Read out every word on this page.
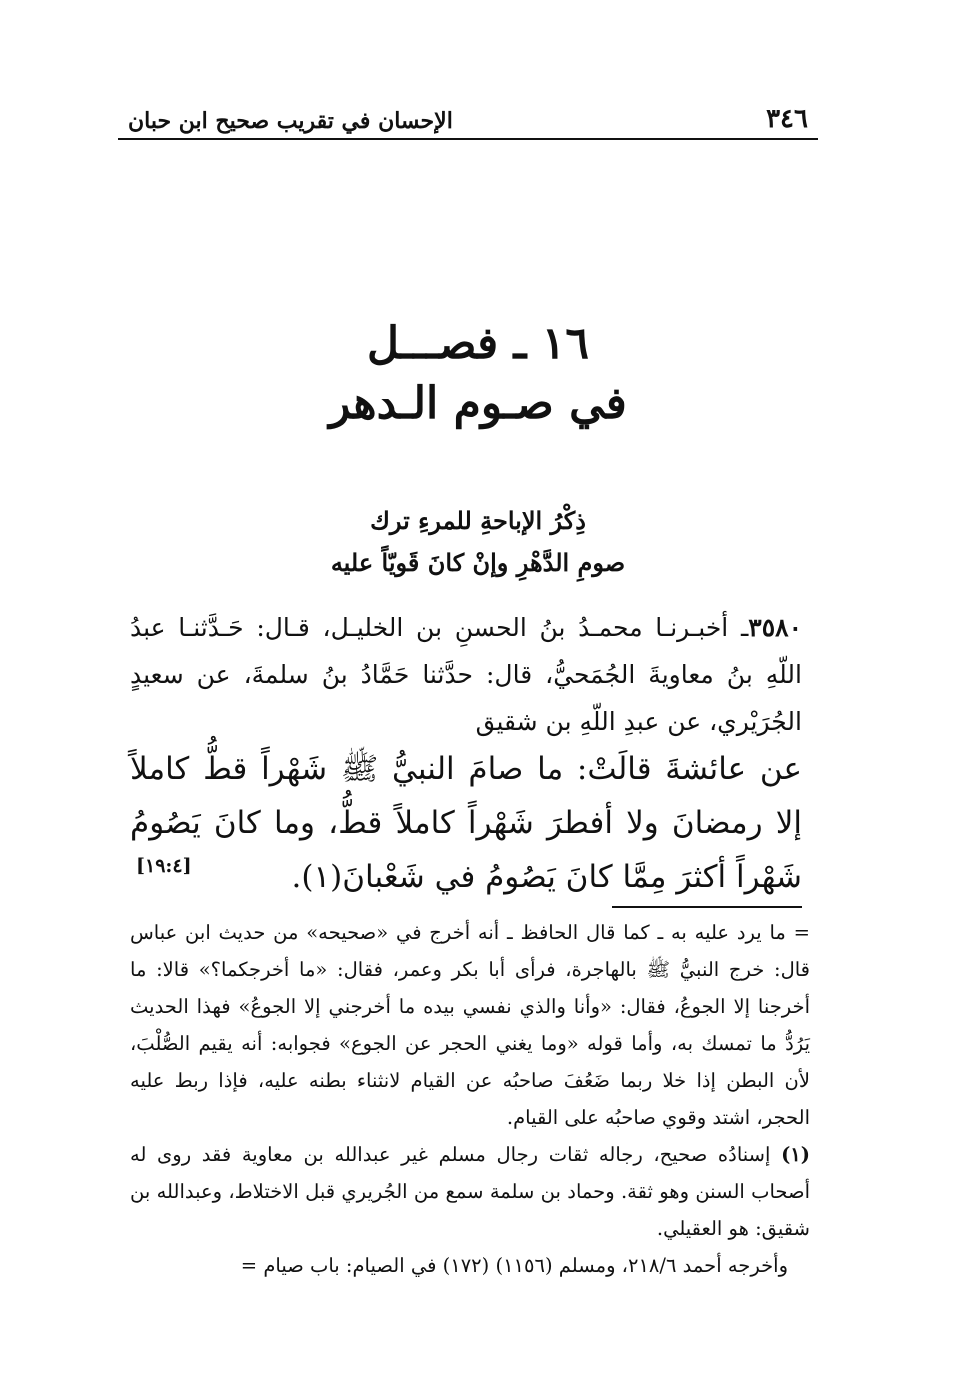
٣٤٦
الإحسان في تقريب صحيح ابن حبان
١٦ ـ فصـــل
في صـوم الـدهر
ذِكْرُ الإباحةِ للمرءِ ترك
صومِ الدَّهْرِ وإنْ كانَ قَويّاً عليه
٣٥٨٠ـ أخبـرنـا محمـدُ بنُ الحسنِ بن الخليـل، قـال: حَـدَّثنـا عبدُ اللّهِ بنُ معاويةَ الجُمَحيُّ، قال: حدَّثنا حَمَّادُ بنُ سلمةَ، عن سعيدٍ الجُرَيْري، عن عبدِ اللّهِ بن شقيق
عن عائشةَ قالَتْ: ما صامَ النبيُّ ﷺ شَهْراً قطُّ كاملاً إلا رمضانَ ولا أفطرَ شَهْراً كاملاً قطُّ، وما كانَ يَصُومُ شَهْراً أكثرَ مِمَّا كانَ يَصُومُ في شَعْبانَ(١).
[١٩:٤]

= ما يرد عليه به ـ كما قال الحافظ ـ أنه أخرج في «صحيحه» من حديث ابن عباس قال: خرج النبيُّ ﷺ بالهاجرة، فرأى أبا بكر وعمر، فقال: «ما أخرجكما؟» قالا: ما أخرجنا إلا الجوعُ، فقال: «وأنا والذي نفسي بيده ما أخرجني إلا الجوعُ» فهذا الحديث يَرُدُّ ما تمسك به، وأما قوله «وما يغني الحجر عن الجوع» فجوابه: أنه يقيم الصُّلْبَ، لأن البطن إذا خلا ربما ضَعُفَ صاحبُه عن القيام لانثناء بطنه عليه، فإذا ربط عليه الحجر، اشتد وقوي صاحبُه على القيام.

(١) إسنادُه صحيح، رجاله ثقات رجال مسلم غير عبدالله بن معاوية فقد روى له أصحاب السنن وهو ثقة. وحماد بن سلمة سمع من الجُريري قبل الاختلاط، وعبدالله بن شقيق: هو العقيلي.

وأخرجه أحمد ٢١٨/٦، ومسلم (١١٥٦) (١٧٢) في الصيام: باب صيام =
